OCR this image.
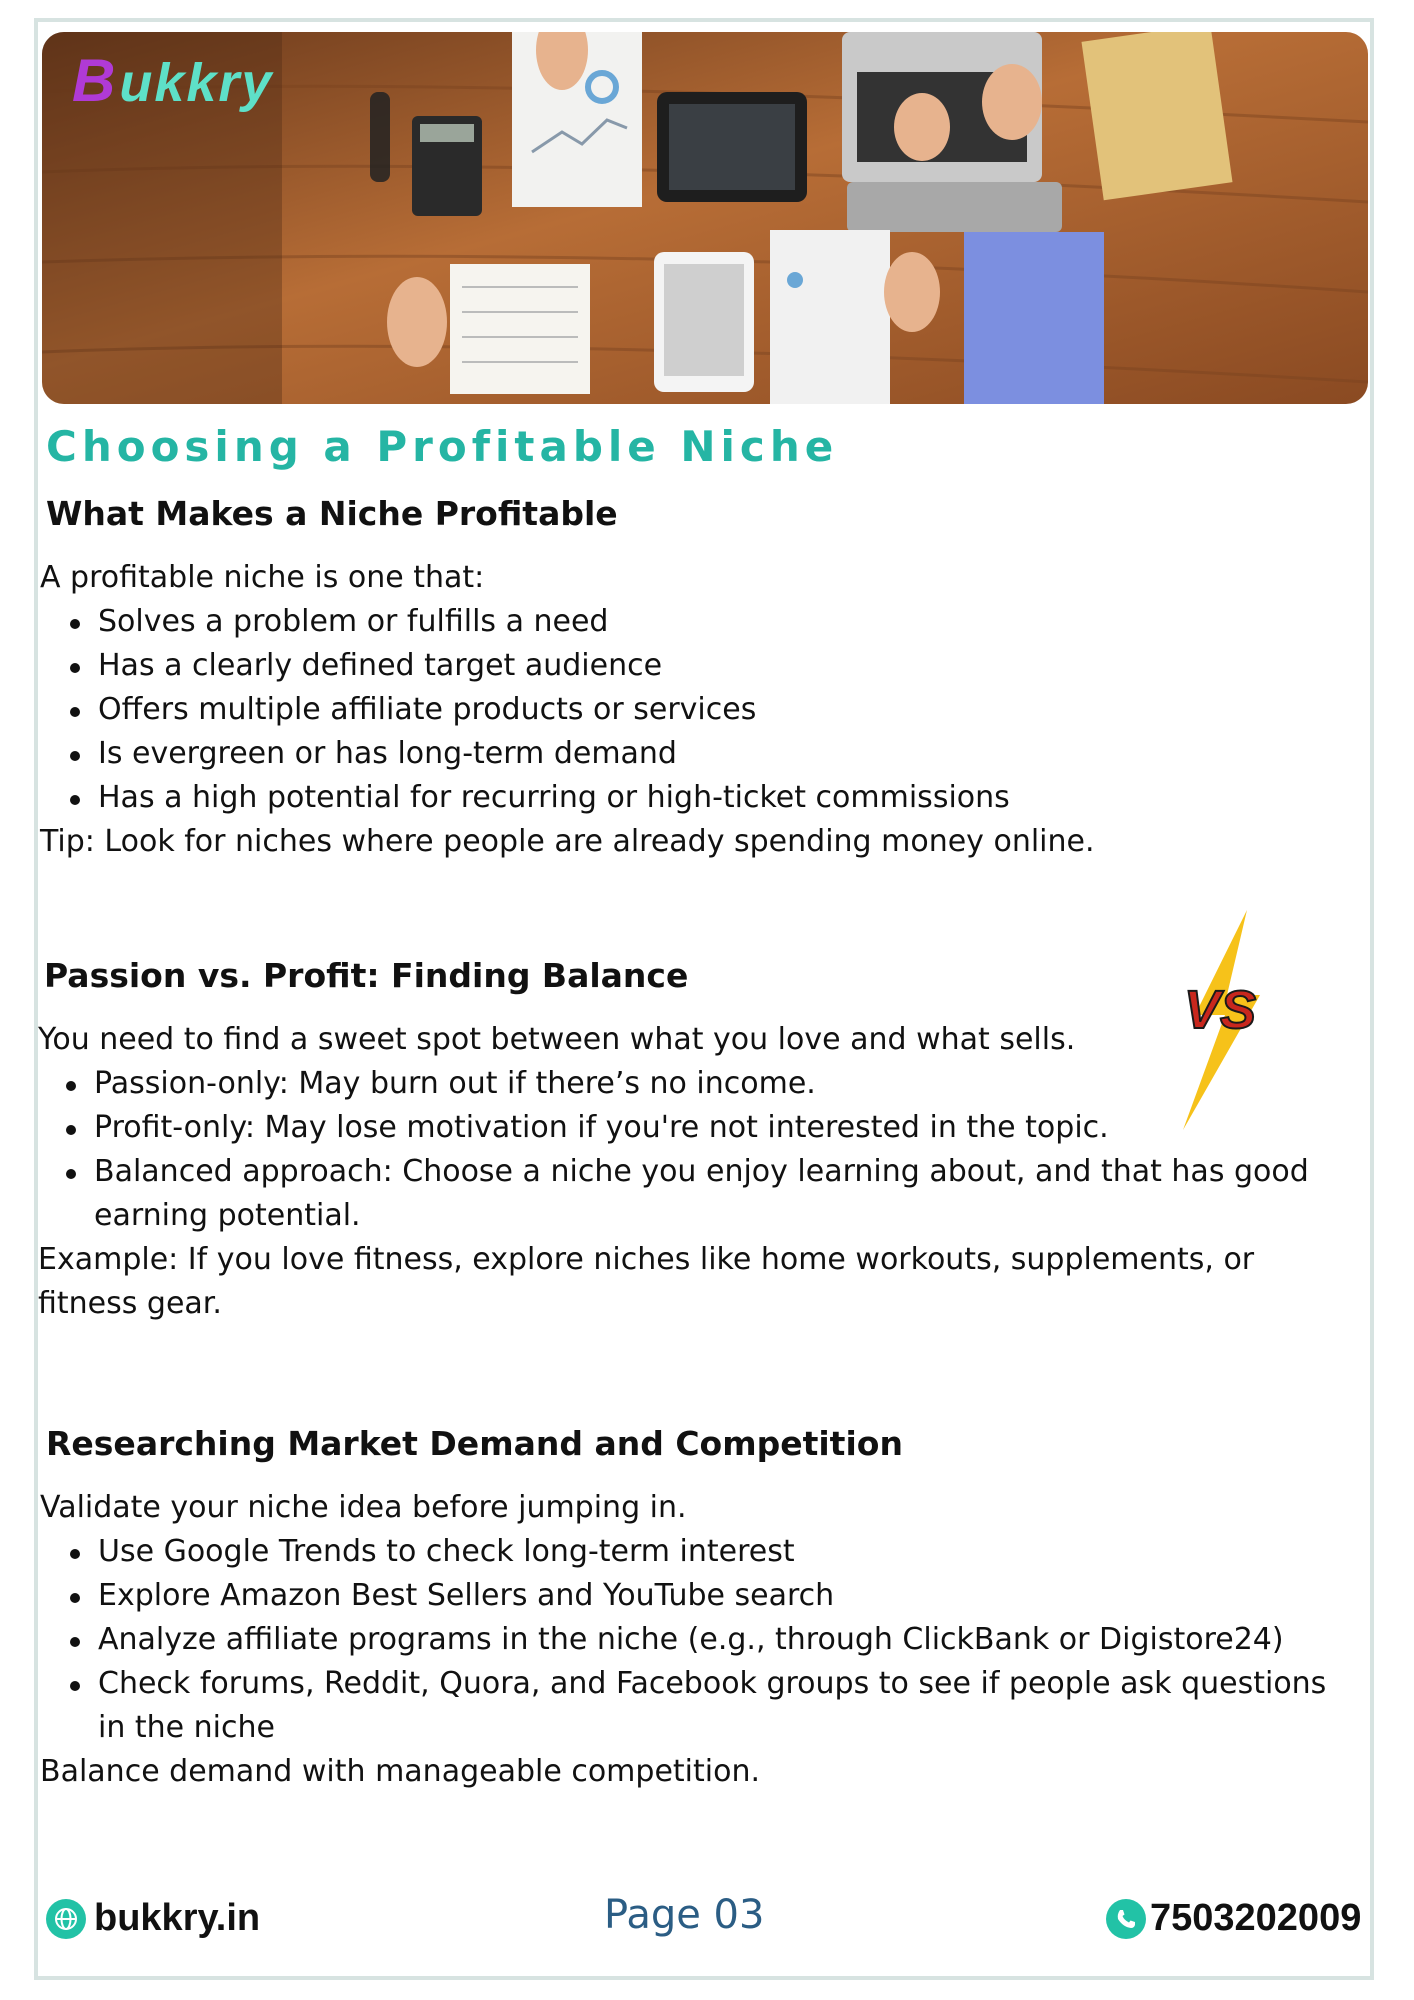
Bukkry
Choosing a Profitable Niche
What Makes a Niche Profitable

A profitable niche is one that:

Solves a problem or fulfills a need
Has a clearly defined target audience
Offers multiple affiliate products or services
Is evergreen or has long-term demand
Has a high potential for recurring or high-ticket commissions

Tip: Look for niches where people are already spending money online.

Passion vs. Profit: Finding Balance

You need to find a sweet spot between what you love and what sells.

Passion-only: May burn out if there’s no income.
Profit-only: May lose motivation if you're not interested in the topic.
Balanced approach: Choose a niche you enjoy learning about, and that has good earning potential.

Example: If you love fitness, explore niches like home workouts, supplements, or fitness gear.

VS
Researching Market Demand and Competition

Validate your niche idea before jumping in.

Use Google Trends to check long-term interest
Explore Amazon Best Sellers and YouTube search
Analyze affiliate programs in the niche (e.g., through ClickBank or Digistore24)
Check forums, Reddit, Quora, and Facebook groups to see if people ask questions in the niche

Balance demand with manageable competition.

bukkry.in	Page 03	7503202009
